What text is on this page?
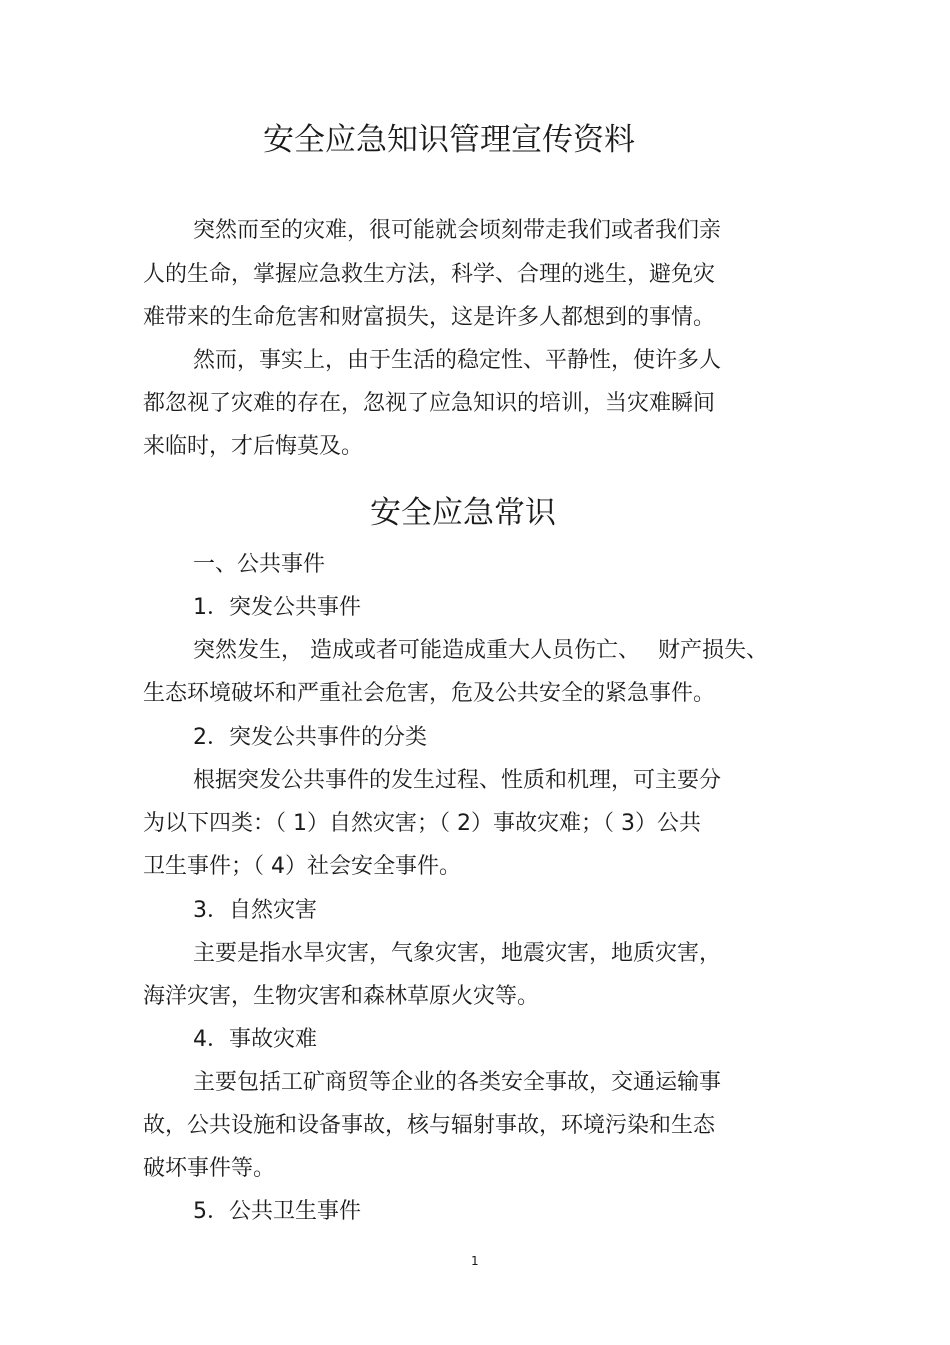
安全应急知识管理宣传资料
突然而至的灾难，很可能就会顷刻带走我们或者我们亲
人的生命，掌握应急救生方法，科学、合理的逃生，避免灾
难带来的生命危害和财富损失，这是许多人都想到的事情。
然而，事实上，由于生活的稳定性、平静性，使许多人
都忽视了灾难的存在，忽视了应急知识的培训，当灾难瞬间
来临时，才后悔莫及。
安全应急常识
一、公共事件
1．突发公共事件
突然发生， 造成或者可能造成重大人员伤亡、　 财产损失、
生态环境破坏和严重社会危害，危及公共安全的紧急事件。
2．突发公共事件的分类
根据突发公共事件的发生过程、性质和机理，可主要分
为以下四类：（ 1）自然灾害；（ 2）事故灾难；（ 3）公共
卫生事件；（ 4）社会安全事件。
3．自然灾害
主要是指水旱灾害，气象灾害，地震灾害，地质灾害，
海洋灾害，生物灾害和森林草原火灾等。
4．事故灾难
主要包括工矿商贸等企业的各类安全事故，交通运输事
故，公共设施和设备事故，核与辐射事故，环境污染和生态
破坏事件等。
5．公共卫生事件
1
